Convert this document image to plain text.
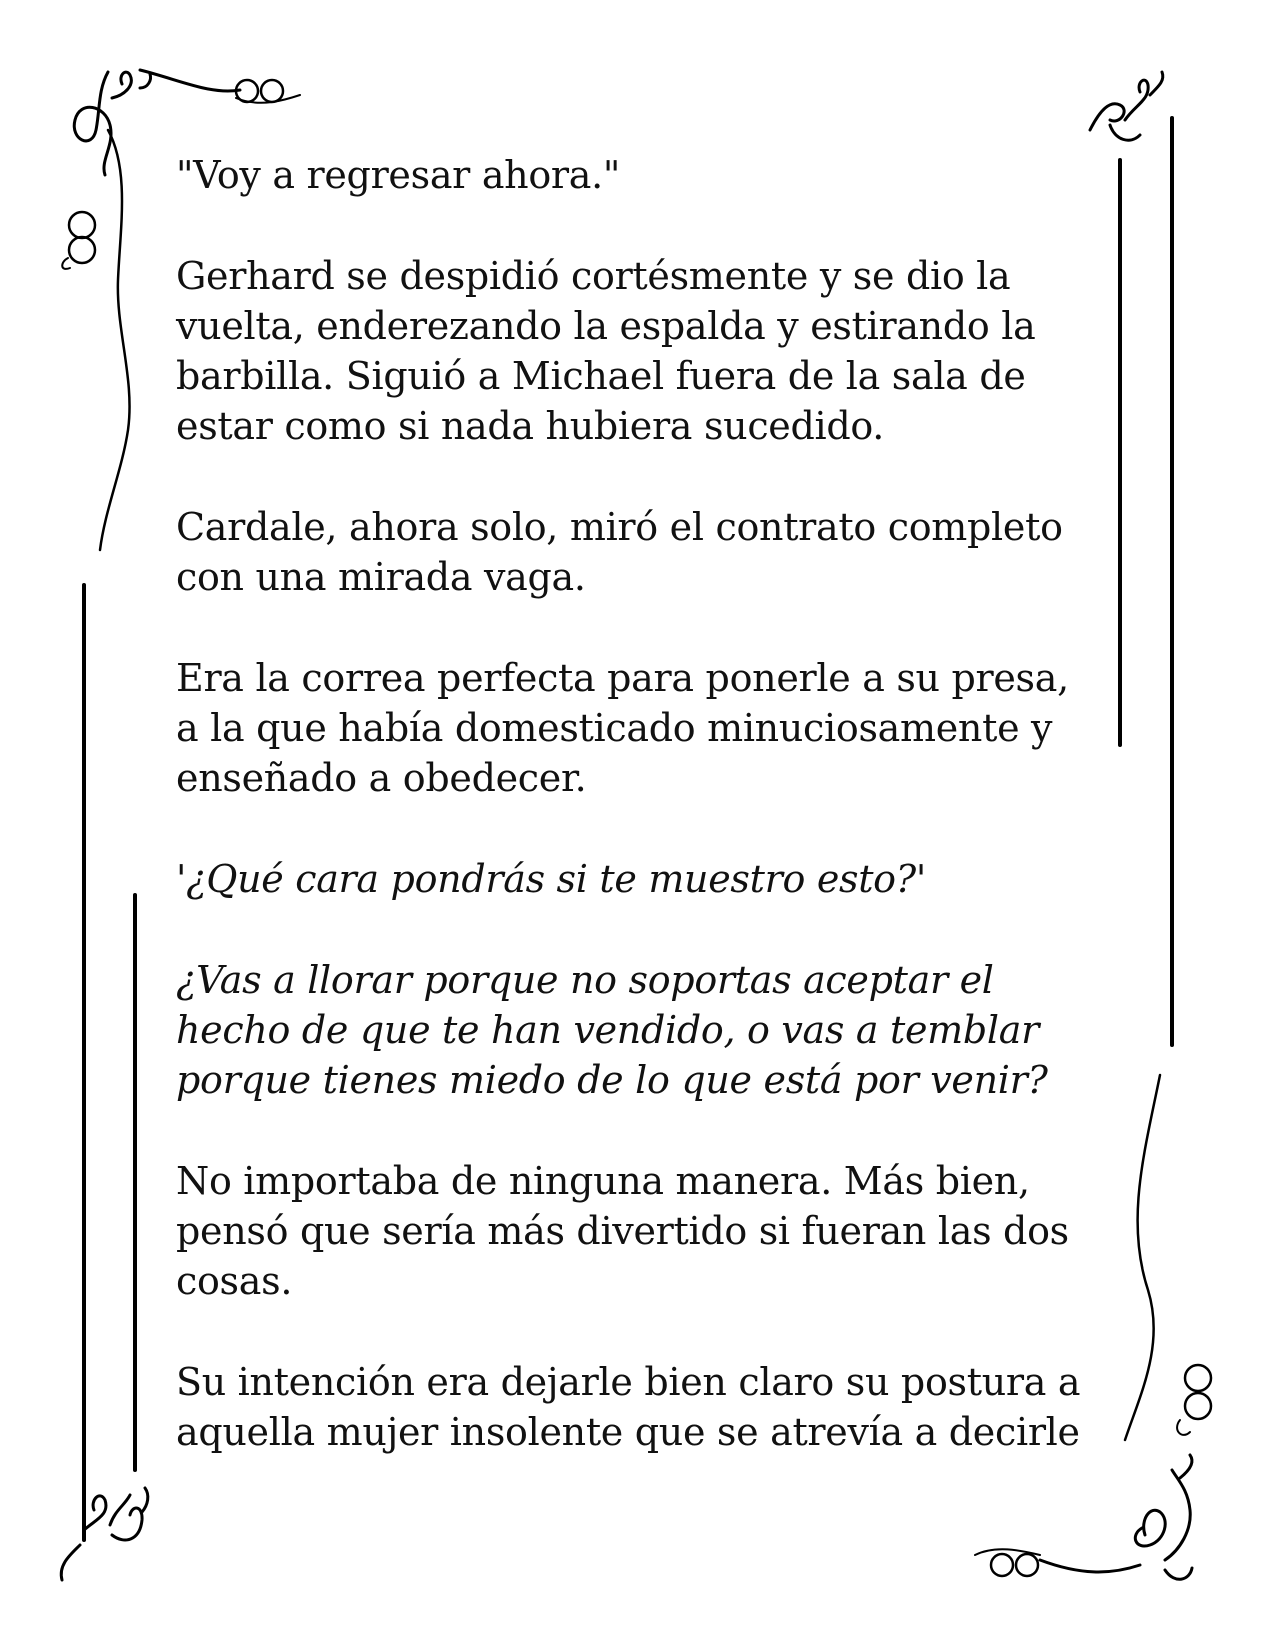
"Voy a regresar ahora."

Gerhard se despidió cortésmente y se dio la vuelta, enderezando la espalda y estirando la barbilla. Siguió a Michael fuera de la sala de estar como si nada hubiera sucedido.

Cardale, ahora solo, miró el contrato completo con una mirada vaga.

Era la correa perfecta para ponerle a su presa, a la que había domesticado minuciosamente y enseñado a obedecer.

'¿Qué cara pondrás si te muestro esto?'

¿Vas a llorar porque no soportas aceptar el hecho de que te han vendido, o vas a temblar porque tienes miedo de lo que está por venir?

No importaba de ninguna manera. Más bien, pensó que sería más divertido si fueran las dos cosas.

Su intención era dejarle bien claro su postura a aquella mujer insolente que se atrevía a decirle
